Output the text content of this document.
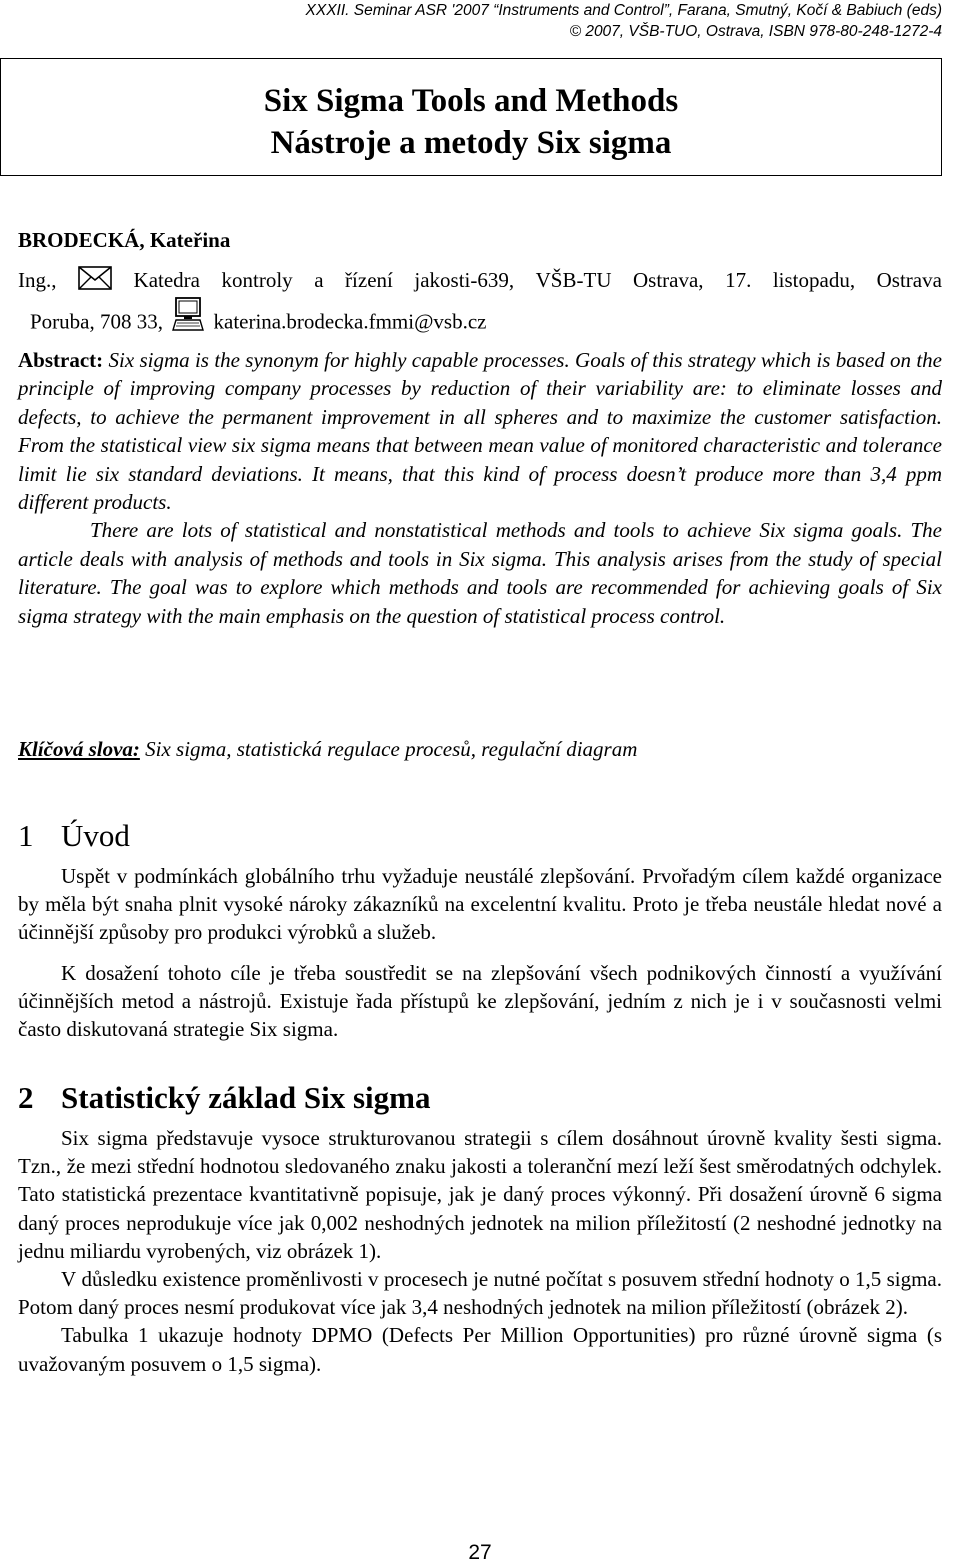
XXXII. Seminar ASR '2007 “Instruments and Control”, Farana, Smutný, Kočí & Babiuch (eds)
© 2007, VŠB-TUO, Ostrava, ISBN 978-80-248-1272-4
Six Sigma Tools and Methods
Nástroje a metody Six sigma
BRODECKÁ, Kateřina
Ing.,	Katedra kontroly a řízení jakosti-639, VŠB-TU Ostrava, 17. listopadu, Ostrava
Poruba, 708 33, katerina.brodecka.fmmi@vsb.cz

Abstract: Six sigma is the synonym for highly capable processes. Goals of this strategy which is based on the principle of improving company processes by reduction of their variability are: to eliminate losses and defects, to achieve the permanent improvement in all spheres and to maximize the customer satisfaction. From the statistical view six sigma means that between mean value of monitored characteristic and tolerance limit lie six standard deviations. It means, that this kind of process doesn’t produce more than 3,4 ppm different products.

There are lots of statistical and nonstatistical methods and tools to achieve Six sigma goals. The article deals with analysis of methods and tools in Six sigma. This analysis arises from the study of special literature. The goal was to explore which methods and tools are recommended for achieving goals of Six sigma strategy with the main emphasis on the question of statistical process control.

Klíčová slova: Six sigma, statistická regulace procesů, regulační diagram
1 Úvod

Uspět v podmínkách globálního trhu vyžaduje neustálé zlepšování. Prvořadým cílem každé organizace by měla být snaha plnit vysoké nároky zákazníků na excelentní kvalitu. Proto je třeba neustále hledat nové a účinnější způsoby pro produkci výrobků a služeb.

K dosažení tohoto cíle je třeba soustředit se na zlepšování všech podnikových činností a využívání účinnějších metod a nástrojů. Existuje řada přístupů ke zlepšování, jedním z nich je i v současnosti velmi často diskutovaná strategie Six sigma.

2 Statistický základ Six sigma

Six sigma představuje vysoce strukturovanou strategii s cílem dosáhnout úrovně kvality šesti sigma. Tzn., že mezi střední hodnotou sledovaného znaku jakosti a toleranční mezí leží šest směrodatných odchylek. Tato statistická prezentace kvantitativně popisuje, jak je daný proces výkonný. Při dosažení úrovně 6 sigma daný proces neprodukuje více jak 0,002 neshodných jednotek na milion příležitostí (2 neshodné jednotky na jednu miliardu vyrobených, viz obrázek 1).

V důsledku existence proměnlivosti v procesech je nutné počítat s posuvem střední hodnoty o 1,5 sigma. Potom daný proces nesmí produkovat více jak 3,4 neshodných jednotek na milion příležitostí (obrázek 2).

Tabulka 1 ukazuje hodnoty DPMO (Defects Per Million Opportunities) pro různé úrovně sigma (s uvažovaným posuvem o 1,5 sigma).

27
